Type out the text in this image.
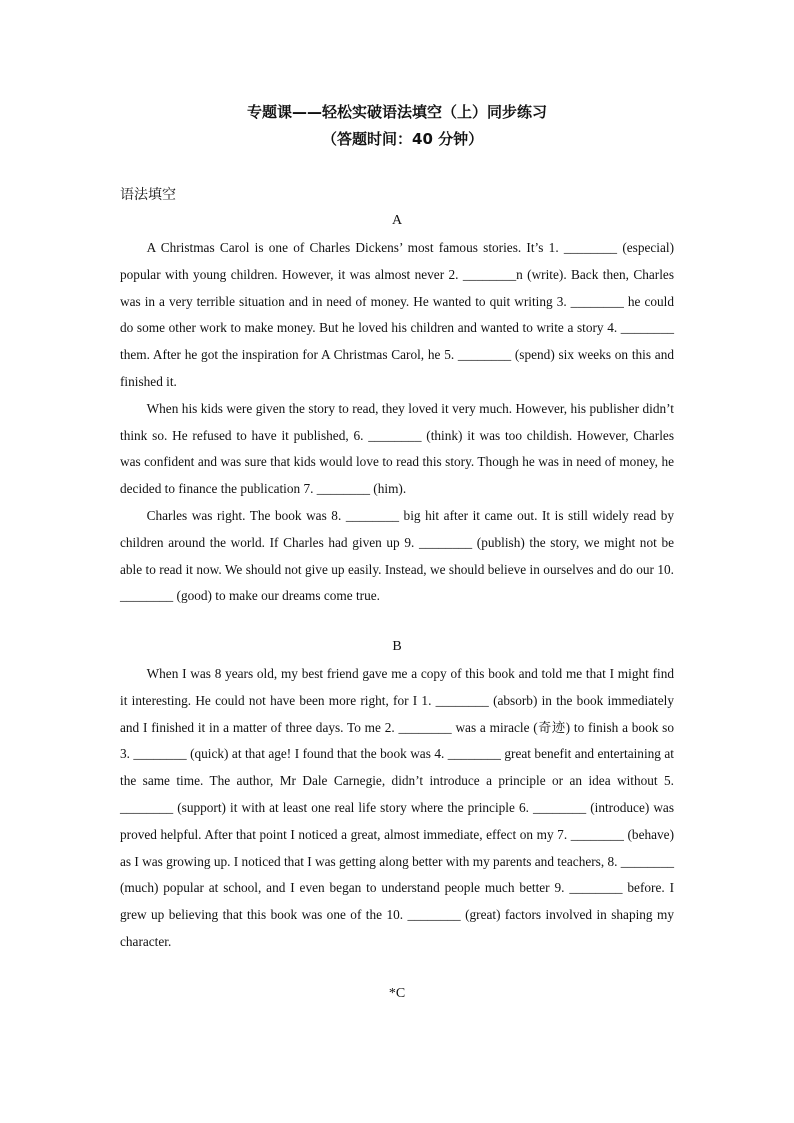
专题课——轻松实破语法填空（上）同步练习
（答题时间：40 分钟）
语法填空
A

A Christmas Carol is one of Charles Dickens’ most famous stories. It’s 1. ________ (especial) popular with young children. However, it was almost never 2. ________n (write). Back then, Charles was in a very terrible situation and in need of money. He wanted to quit writing 3. ________ he could do some other work to make money. But he loved his children and wanted to write a story 4. ________ them. After he got the inspiration for A Christmas Carol, he 5. ________ (spend) six weeks on this and finished it.

When his kids were given the story to read, they loved it very much. However, his publisher didn’t think so. He refused to have it published, 6. ________ (think) it was too childish. However, Charles was confident and was sure that kids would love to read this story. Though he was in need of money, he decided to finance the publication 7. ________ (him).

Charles was right. The book was 8. ________ big hit after it came out. It is still widely read by children around the world. If Charles had given up 9. ________ (publish) the story, we might not be able to read it now. We should not give up easily. Instead, we should believe in ourselves and do our 10. ________ (good) to make our dreams come true.

B

When I was 8 years old, my best friend gave me a copy of this book and told me that I might find it interesting. He could not have been more right, for I 1. ________ (absorb) in the book immediately and I finished it in a matter of three days. To me 2. ________ was a miracle (奇迹) to finish a book so 3. ________ (quick) at that age! I found that the book was 4. ________ great benefit and entertaining at the same time. The author, Mr Dale Carnegie, didn’t introduce a principle or an idea without 5. ________ (support) it with at least one real life story where the principle 6. ________ (introduce) was proved helpful. After that point I noticed a great, almost immediate, effect on my 7. ________ (behave) as I was growing up. I noticed that I was getting along better with my parents and teachers, 8. ________ (much) popular at school, and I even began to understand people much better 9. ________ before. I grew up believing that this book was one of the 10. ________ (great) factors involved in shaping my character.

*C
